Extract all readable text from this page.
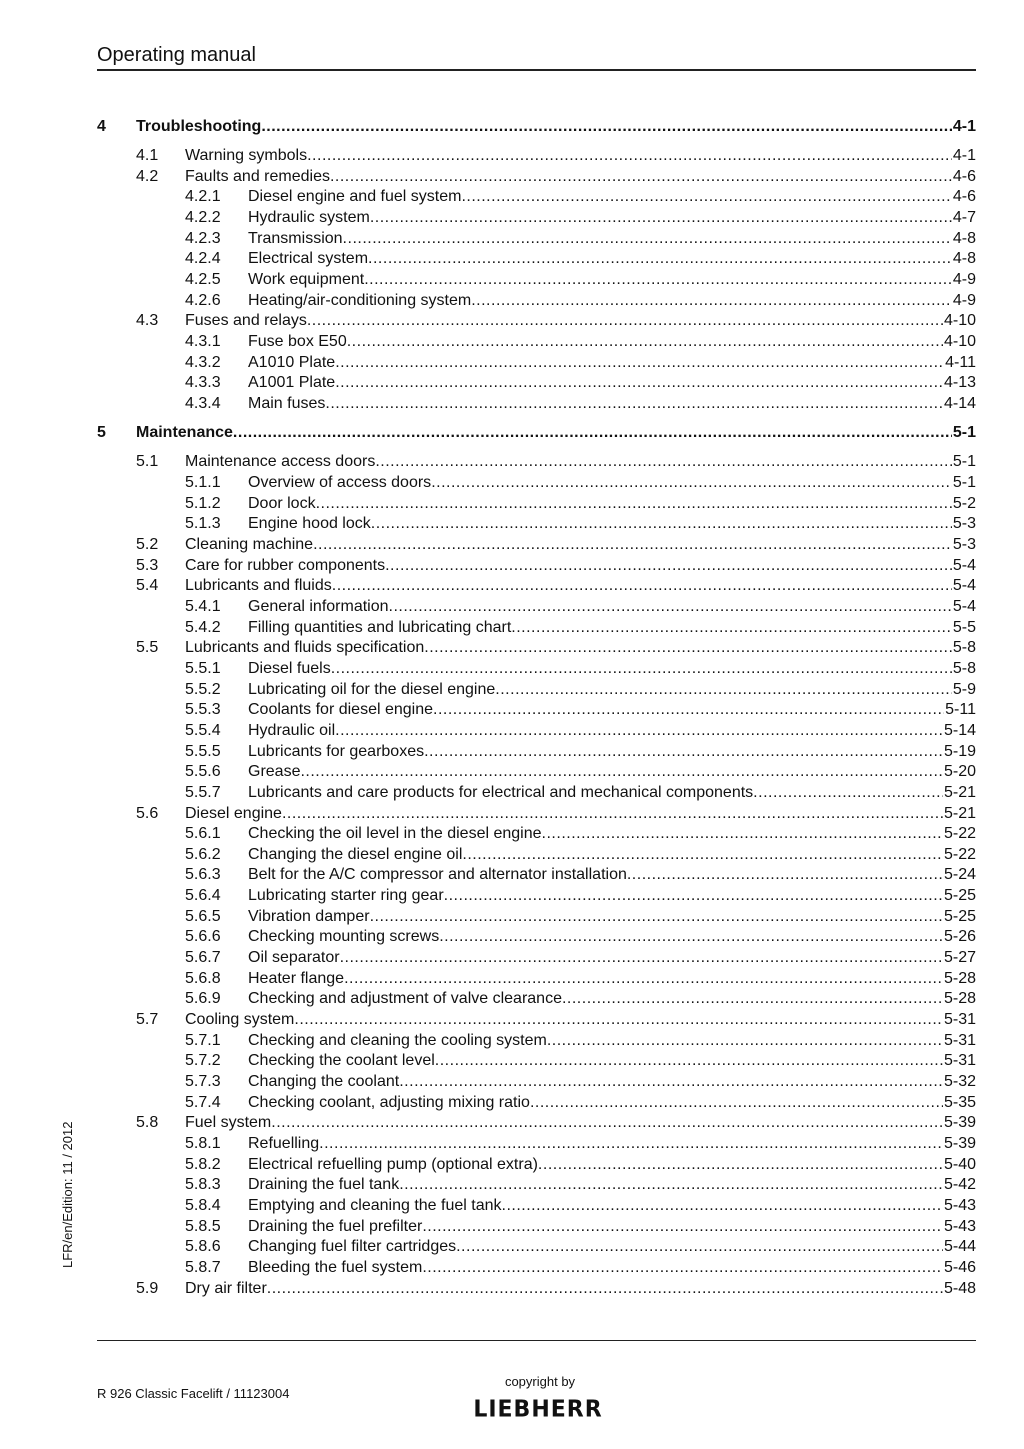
Operating manual
4 Troubleshooting .....	4-1
4.1 Warning symbols .....	4-1
4.2 Faults and remedies .....	4-6
4.2.1 Diesel engine and fuel system .....	4-6
4.2.2 Hydraulic system .....	4-7
4.2.3 Transmission .....	4-8
4.2.4 Electrical system .....	4-8
4.2.5 Work equipment .....	4-9
4.2.6 Heating/air-conditioning system .....	4-9
4.3 Fuses and relays .....	4-10
4.3.1 Fuse box E50 .....	4-10
4.3.2 A1010 Plate .....	4-11
4.3.3 A1001 Plate .....	4-13
4.3.4 Main fuses .....	4-14
5 Maintenance .....	5-1
5.1 Maintenance access doors .....	5-1
5.1.1 Overview of access doors .....	5-1
5.1.2 Door lock .....	5-2
5.1.3 Engine hood lock .....	5-3
5.2 Cleaning machine .....	5-3
5.3 Care for rubber components .....	5-4
5.4 Lubricants and fluids .....	5-4
5.4.1 General information .....	5-4
5.4.2 Filling quantities and lubricating chart .....	5-5
5.5 Lubricants and fluids specification .....	5-8
5.5.1 Diesel fuels .....	5-8
5.5.2 Lubricating oil for the diesel engine .....	5-9
5.5.3 Coolants for diesel engine .....	5-11
5.5.4 Hydraulic oil .....	5-14
5.5.5 Lubricants for gearboxes .....	5-19
5.5.6 Grease .....	5-20
5.5.7 Lubricants and care products for electrical and mechanical components .....	5-21
5.6 Diesel engine .....	5-21
5.6.1 Checking the oil level in the diesel engine .....	5-22
5.6.2 Changing the diesel engine oil .....	5-22
5.6.3 Belt for the A/C compressor and alternator installation .....	5-24
5.6.4 Lubricating starter ring gear .....	5-25
5.6.5 Vibration damper .....	5-25
5.6.6 Checking mounting screws .....	5-26
5.6.7 Oil separator .....	5-27
5.6.8 Heater flange .....	5-28
5.6.9 Checking and adjustment of valve clearance .....	5-28
5.7 Cooling system .....	5-31
5.7.1 Checking and cleaning the cooling system .....	5-31
5.7.2 Checking the coolant level .....	5-31
5.7.3 Changing the coolant .....	5-32
5.7.4 Checking coolant, adjusting mixing ratio .....	5-35
5.8 Fuel system .....	5-39
5.8.1 Refuelling .....	5-39
5.8.2 Electrical refuelling pump (optional extra) .....	5-40
5.8.3 Draining the fuel tank .....	5-42
5.8.4 Emptying and cleaning the fuel tank .....	5-43
5.8.5 Draining the fuel prefilter .....	5-43
5.8.6 Changing fuel filter cartridges .....	5-44
5.8.7 Bleeding the fuel system .....	5-46
5.9 Dry air filter .....	5-48
LFR/en/Edition: 11 / 2012
R 926 Classic Facelift / 11123004
copyright by
LIEBHERR
